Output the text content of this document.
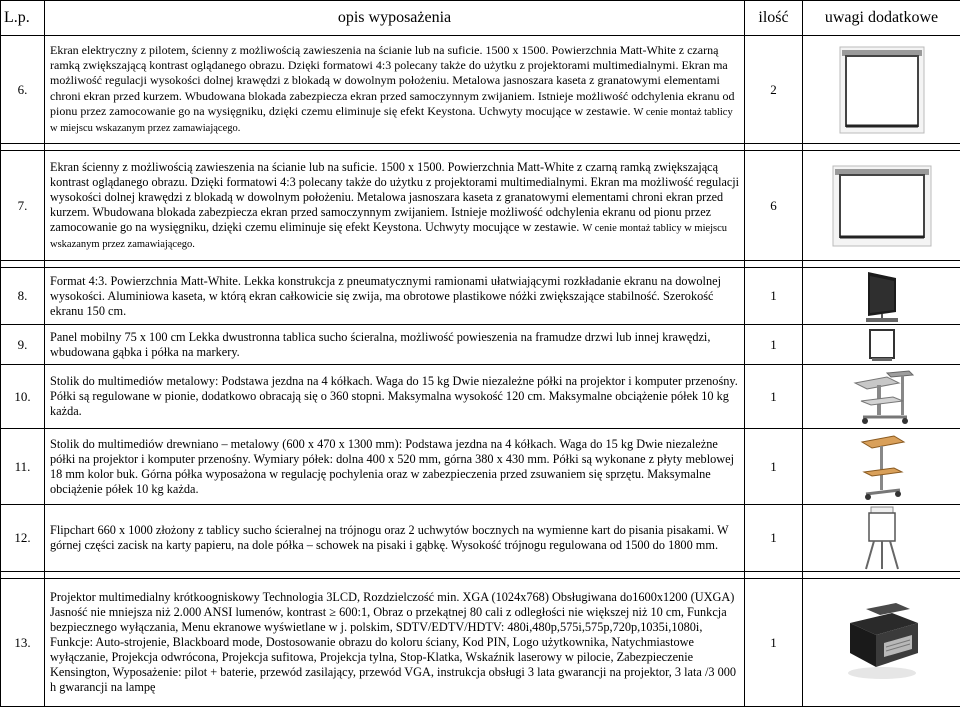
L.p.	opis wyposażenia	ilość	uwagi dodatkowe
6.	Ekran elektryczny z pilotem, ścienny z możliwością zawieszenia na ścianie lub na suficie. 1500 x 1500. Powierzchnia Matt-White z czarną ramką zwiększającą kontrast oglądanego obrazu. Dzięki formatowi 4:3 polecany także do użytku z projektorami multimedialnymi. Ekran ma możliwość regulacji wysokości dolnej krawędzi z blokadą w dowolnym położeniu. Metalowa jasnoszara kaseta z granatowymi elementami chroni ekran przed kurzem. Wbudowana blokada zabezpiecza ekran przed samoczynnym zwijaniem. Istnieje możliwość odchylenia ekranu od pionu przez zamocowanie go na wysięgniku, dzięki czemu eliminuje się efekt Keystona. Uchwyty mocujące w zestawie. W cenie montaż tablicy w miejscu wskazanym przez zamawiającego.	2	

7.	Ekran ścienny z możliwością zawieszenia na ścianie lub na suficie. 1500 x 1500. Powierzchnia Matt-White z czarną ramką zwiększającą kontrast oglądanego obrazu. Dzięki formatowi 4:3 polecany także do użytku z projektorami multimedialnymi. Ekran ma możliwość regulacji wysokości dolnej krawędzi z blokadą w dowolnym położeniu. Metalowa jasnoszara kaseta z granatowymi elementami chroni ekran przed kurzem. Wbudowana blokada zabezpiecza ekran przed samoczynnym zwijaniem. Istnieje możliwość odchylenia ekranu od pionu przez zamocowanie go na wysięgniku, dzięki czemu eliminuje się efekt Keystona. Uchwyty mocujące w zestawie. W cenie montaż tablicy w miejscu wskazanym przez zamawiającego.	6	

8.	Format 4:3. Powierzchnia Matt-White. Lekka konstrukcja z pneumatycznymi ramionami ułatwiającymi rozkładanie ekranu na dowolnej wysokości. Aluminiowa kaseta, w którą ekran całkowicie się zwija, ma obrotowe plastikowe nóżki zwiększające stabilność. Szerokość ekranu 150 cm.	1	

9.	Panel mobilny 75 x 100 cm Lekka dwustronna tablica sucho ścieralna, możliwość powieszenia na framudze drzwi lub innej krawędzi, wbudowana gąbka i półka na markery.	1	

10.	Stolik do multimediów metalowy: Podstawa jezdna na 4 kółkach. Waga do 15 kg Dwie niezależne półki na projektor i komputer przenośny. Półki są regulowane w pionie, dodatkowo obracają się o 360 stopni. Maksymalna wysokość 120 cm. Maksymalne obciążenie półek 10 kg każda.	1	

11.	Stolik do multimediów drewniano – metalowy (600 x 470 x 1300 mm): Podstawa jezdna na 4 kółkach. Waga do 15 kg Dwie niezależne półki na projektor i komputer przenośny. Wymiary półek: dolna 400 x 520 mm, górna 380 x 430 mm. Półki są wykonane z płyty meblowej 18 mm kolor buk. Górna półka wyposażona w regulację pochylenia oraz w zabezpieczenia przed zsuwaniem się sprzętu. Maksymalne obciążenie półek 10 kg każda.	1	

12.	Flipchart 660 x 1000 złożony z tablicy sucho ścieralnej na trójnogu oraz 2 uchwytów bocznych na wymienne kart do pisania pisakami. W górnej części zacisk na karty papieru, na dole półka – schowek na pisaki i gąbkę. Wysokość trójnogu regulowana od 1500 do 1800 mm.	1	

13.	Projektor multimedialny krótkoogniskowy Technologia 3LCD, Rozdzielczość min. XGA (1024x768) Obsługiwana do1600x1200 (UXGA) Jasność nie mniejsza niż 2.000 ANSI lumenów, kontrast ≥ 600:1, Obraz o przekątnej 80 cali z odległości nie większej niż 10 cm, Funkcja bezpiecznego wyłączania, Menu ekranowe wyświetlane w j. polskim, SDTV/EDTV/HDTV: 480i,480p,575i,575p,720p,1035i,1080i, Funkcje: Auto-strojenie, Blackboard mode, Dostosowanie obrazu do koloru ściany, Kod PIN, Logo użytkownika, Natychmiastowe wyłączanie, Projekcja odwrócona, Projekcja sufitowa, Projekcja tylna, Stop-Klatka, Wskaźnik laserowy w pilocie, Zabezpieczenie Kensington, Wyposażenie: pilot + baterie, przewód zasilający, przewód VGA, instrukcja obsługi 3 lata gwarancji na projektor, 3 lata /3 000 h gwarancji na lampę	1	
